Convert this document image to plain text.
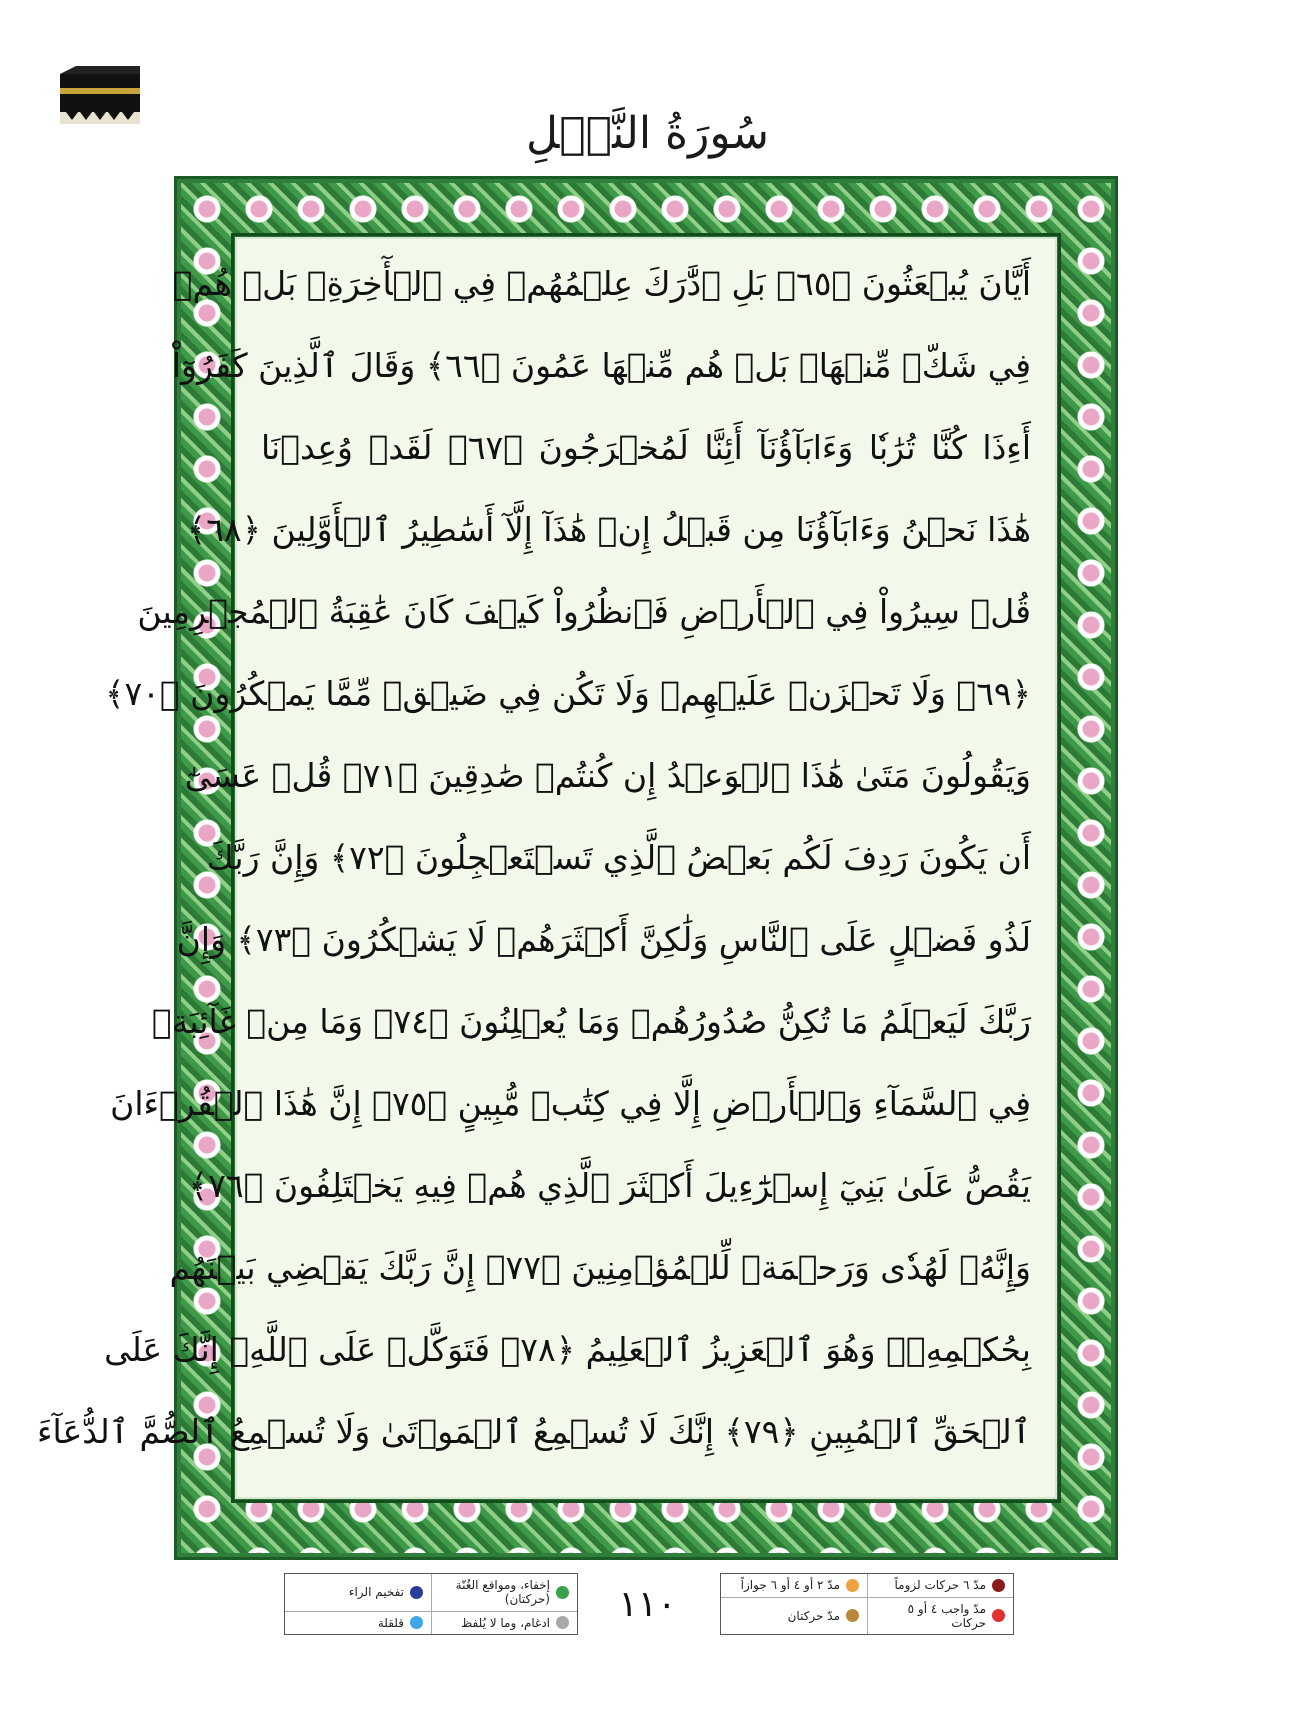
سُورَةُ النَّمۡلِ
أَيَّانَ يُبۡعَثُونَ ﴿٦٥﴾ بَلِ ٱدَّٰرَكَ عِلۡمُهُمۡ فِي ٱلۡأٓخِرَةِۚ بَلۡ هُمۡ
فِي شَكّٖ مِّنۡهَاۖ بَلۡ هُم مِّنۡهَا عَمُونَ ﴿٦٦﴾ وَقَالَ ٱلَّذِينَ كَفَرُوٓاْ
أَءِذَا كُنَّا تُرَٰبٗا وَءَابَآؤُنَآ أَئِنَّا لَمُخۡرَجُونَ ﴿٦٧﴾ لَقَدۡ وُعِدۡنَا
هَٰذَا نَحۡنُ وَءَابَآؤُنَا مِن قَبۡلُ إِنۡ هَٰذَآ إِلَّآ أَسَٰطِيرُ ٱلۡأَوَّلِينَ ﴿٦٨﴾
قُلۡ سِيرُواْ فِي ٱلۡأَرۡضِ فَٱنظُرُواْ كَيۡفَ كَانَ عَٰقِبَةُ ٱلۡمُجۡرِمِينَ
﴿٦٩﴾ وَلَا تَحۡزَنۡ عَلَيۡهِمۡ وَلَا تَكُن فِي ضَيۡقٖ مِّمَّا يَمۡكُرُونَ ﴿٧٠﴾
وَيَقُولُونَ مَتَىٰ هَٰذَا ٱلۡوَعۡدُ إِن كُنتُمۡ صَٰدِقِينَ ﴿٧١﴾ قُلۡ عَسَىٰٓ
أَن يَكُونَ رَدِفَ لَكُم بَعۡضُ ٱلَّذِي تَسۡتَعۡجِلُونَ ﴿٧٢﴾ وَإِنَّ رَبَّكَ
لَذُو فَضۡلٍ عَلَى ٱلنَّاسِ وَلَٰكِنَّ أَكۡثَرَهُمۡ لَا يَشۡكُرُونَ ﴿٧٣﴾ وَإِنَّ
رَبَّكَ لَيَعۡلَمُ مَا تُكِنُّ صُدُورُهُمۡ وَمَا يُعۡلِنُونَ ﴿٧٤﴾ وَمَا مِنۡ غَآئِبَةٖ
فِي ٱلسَّمَآءِ وَٱلۡأَرۡضِ إِلَّا فِي كِتَٰبٖ مُّبِينٍ ﴿٧٥﴾ إِنَّ هَٰذَا ٱلۡقُرۡءَانَ
يَقُصُّ عَلَىٰ بَنِيٓ إِسۡرَٰٓءِيلَ أَكۡثَرَ ٱلَّذِي هُمۡ فِيهِ يَخۡتَلِفُونَ ﴿٧٦﴾
وَإِنَّهُۥ لَهُدٗى وَرَحۡمَةٞ لِّلۡمُؤۡمِنِينَ ﴿٧٧﴾ إِنَّ رَبَّكَ يَقۡضِي بَيۡنَهُم
بِحُكۡمِهِۦۚ وَهُوَ ٱلۡعَزِيزُ ٱلۡعَلِيمُ ﴿٧٨﴾ فَتَوَكَّلۡ عَلَى ٱللَّهِۖ إِنَّكَ عَلَى
ٱلۡحَقِّ ٱلۡمُبِينِ ﴿٧٩﴾ إِنَّكَ لَا تُسۡمِعُ ٱلۡمَوۡتَىٰ وَلَا تُسۡمِعُ ٱلصُّمَّ ٱلدُّعَآءَ
إخفاء، ومواقع الغُنّة (حركتان)
تفخيم الراء
ادغام، وما لا يُلفظ
قلقلة	١١٠	مدّ ٦ حركات لزوماً
مدّ ٢ أو ٤ أو ٦ جوازاً
مدّ واجب ٤ أو ٥ حركات
مدّ حركتان
